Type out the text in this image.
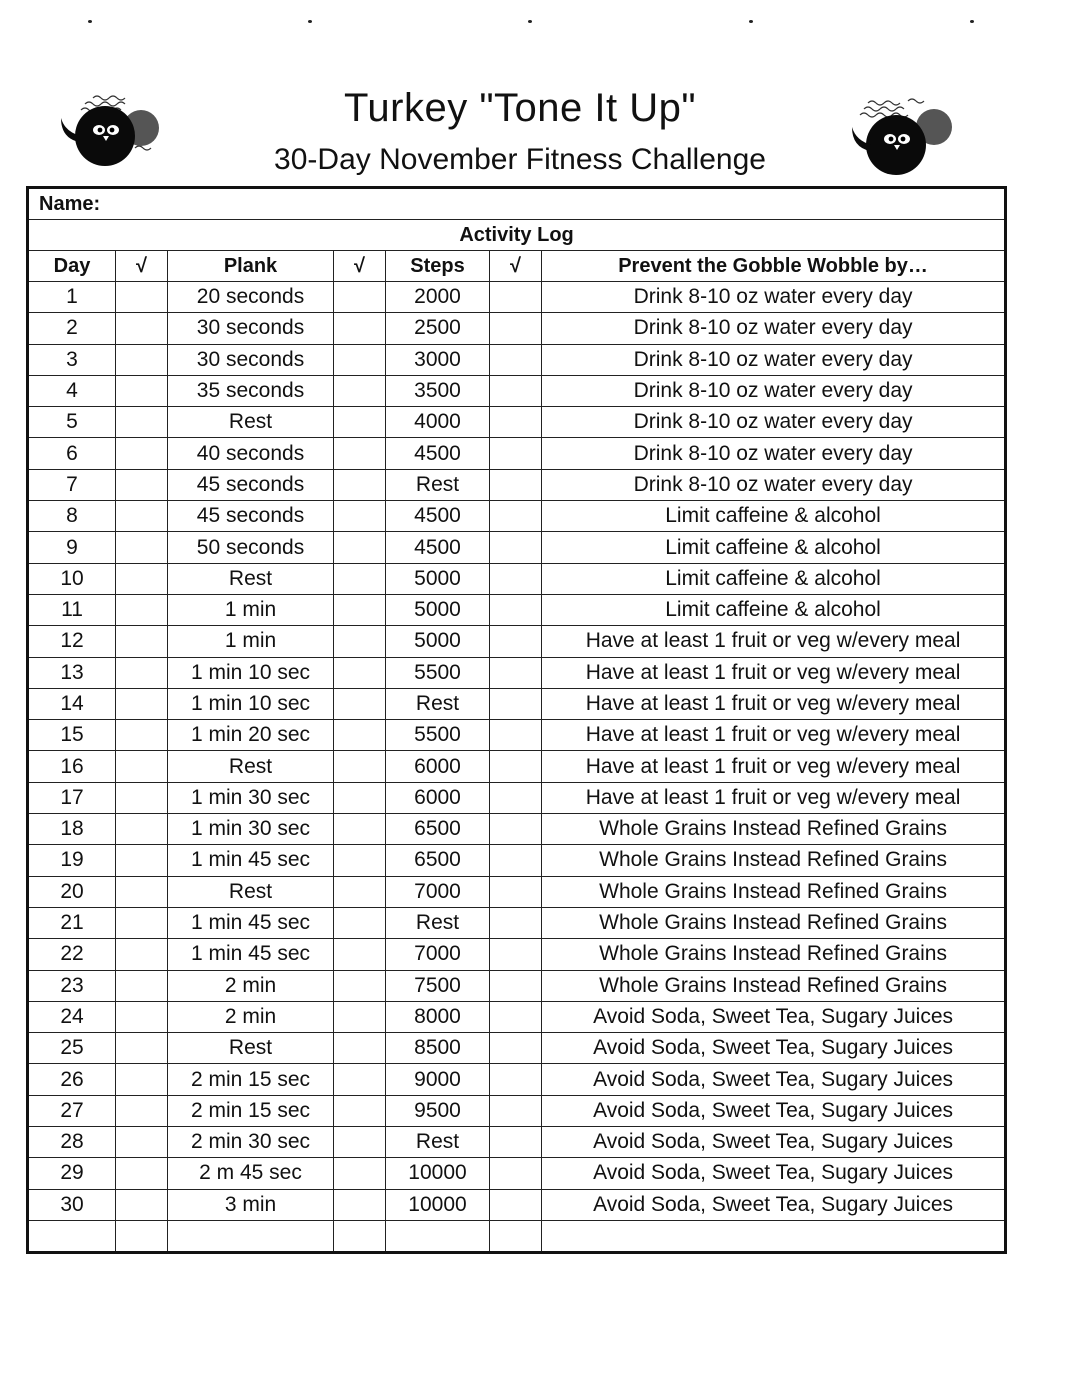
Turkey "Tone It Up"
30-Day November Fitness Challenge
Name:						
Activity Log						
Day	√	Plank	√	Steps	√	Prevent the Gobble Wobble by…
1		20 seconds		2000		Drink 8-10 oz water every day
2		30 seconds		2500		Drink 8-10 oz water every day
3		30 seconds		3000		Drink 8-10 oz water every day
4		35 seconds		3500		Drink 8-10 oz water every day
5		Rest		4000		Drink 8-10 oz water every day
6		40 seconds		4500		Drink 8-10 oz water every day
7		45 seconds		Rest		Drink 8-10 oz water every day
8		45 seconds		4500		Limit caffeine & alcohol
9		50 seconds		4500		Limit caffeine & alcohol
10		Rest		5000		Limit caffeine & alcohol
11		1 min		5000		Limit caffeine & alcohol
12		1 min		5000		Have at least 1 fruit or veg w/every meal
13		1 min 10 sec		5500		Have at least 1 fruit or veg w/every meal
14		1 min 10 sec		Rest		Have at least 1 fruit or veg w/every meal
15		1 min 20 sec		5500		Have at least 1 fruit or veg w/every meal
16		Rest		6000		Have at least 1 fruit or veg w/every meal
17		1 min 30 sec		6000		Have at least 1 fruit or veg w/every meal
18		1 min 30 sec		6500		Whole Grains Instead Refined Grains
19		1 min 45 sec		6500		Whole Grains Instead Refined Grains
20		Rest		7000		Whole Grains Instead Refined Grains
21		1 min 45 sec		Rest		Whole Grains Instead Refined Grains
22		1 min 45 sec		7000		Whole Grains Instead Refined Grains
23		2 min		7500		Whole Grains Instead Refined Grains
24		2 min		8000		Avoid Soda, Sweet Tea, Sugary Juices
25		Rest		8500		Avoid Soda, Sweet Tea, Sugary Juices
26		2 min 15 sec		9000		Avoid Soda, Sweet Tea, Sugary Juices
27		2 min 15 sec		9500		Avoid Soda, Sweet Tea, Sugary Juices
28		2 min 30 sec		Rest		Avoid Soda, Sweet Tea, Sugary Juices
29		2 m 45 sec		10000		Avoid Soda, Sweet Tea, Sugary Juices
30		3 min		10000		Avoid Soda, Sweet Tea, Sugary Juices
